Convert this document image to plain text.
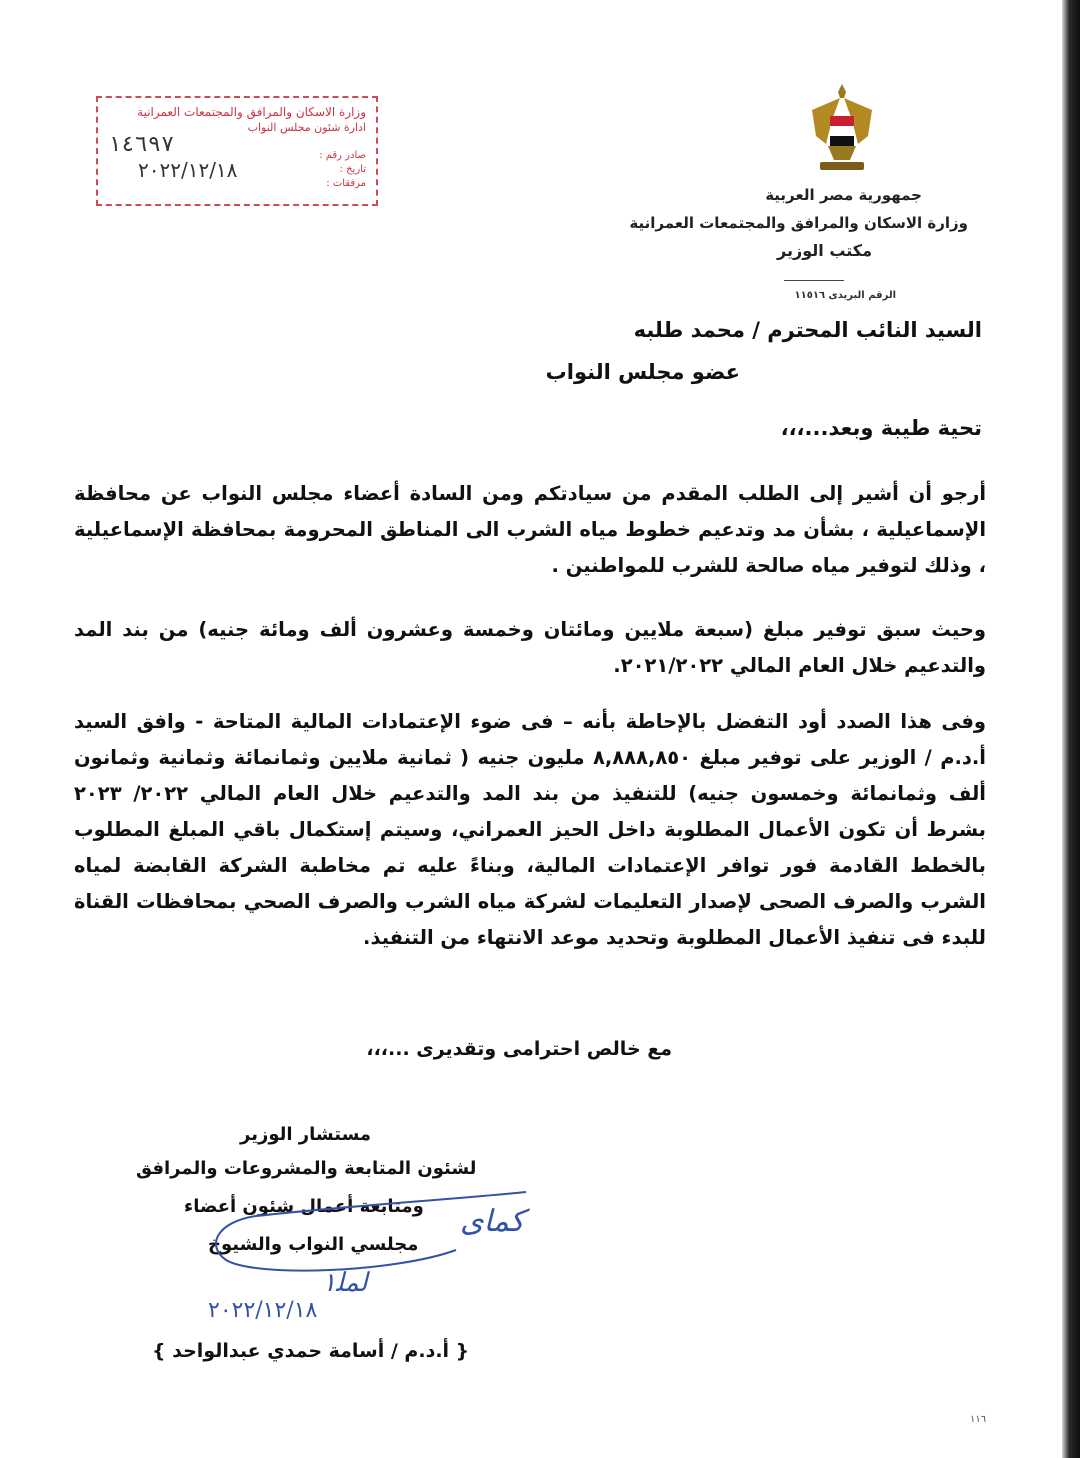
وزارة الاسكان والمرافق والمجتمعات العمرانية
ادارة شئون مجلس النواب
١٤٦٩٧	صادر رقم :
تاريخ :
مرفقات :
٢٠٢٢/١٢/١٨
جمهورية مصر العربية
وزارة الاسكان والمرافق والمجتمعات العمرانية
مكتب الوزير
الرقم البريدى ١١٥١٦
السيد النائب المحترم / محمد طلبه
عضو مجلس النواب
تحية طيبة وبعد...،،،
أرجو أن أشير إلى الطلب المقدم من سيادتكم ومن السادة أعضاء مجلس النواب عن محافظة الإسماعيلية ، بشأن مد وتدعيم خطوط مياه الشرب الى المناطق المحرومة بمحافظة الإسماعيلية ، وذلك لتوفير مياه صالحة للشرب للمواطنين .
وحيث سبق توفير مبلغ (سبعة ملايين ومائتان وخمسة وعشرون ألف ومائة جنيه) من بند المد والتدعيم خلال العام المالي ٢٠٢١/٢٠٢٢.
وفى هذا الصدد أود التفضل بالإحاطة بأنه – فى ضوء الإعتمادات المالية المتاحة - وافق السيد أ.د.م / الوزير على توفير مبلغ ٨,٨٨٨,٨٥٠ مليون جنيه ( ثمانية ملايين وثمانمائة وثمانية وثمانون ألف وثمانمائة وخمسون جنيه) للتنفيذ من بند المد والتدعيم خلال العام المالي ٢٠٢٢/ ٢٠٢٣ بشرط أن تكون الأعمال المطلوبة داخل الحيز العمراني، وسيتم إستكمال باقي المبلغ المطلوب بالخطط القادمة فور توافر الإعتمادات المالية، وبناءً عليه تم مخاطبة الشركة القابضة لمياه الشرب والصرف الصحى لإصدار التعليمات لشركة مياه الشرب والصرف الصحي بمحافظات القناة للبدء فى تنفيذ الأعمال المطلوبة وتحديد موعد الانتهاء من التنفيذ.
مع خالص احترامى وتقديرى ...،،،
مستشار الوزير
لشئون المتابعة والمشروعات والمرافق
ومتابعة أعمال شئون أعضاء
مجلسي النواب والشيوخ
كماى
ﻟﻤﻠ١
٢٠٢٢/١٢/١٨
{ أ.د.م / أسامة حمدي عبدالواحد }
١١٦
